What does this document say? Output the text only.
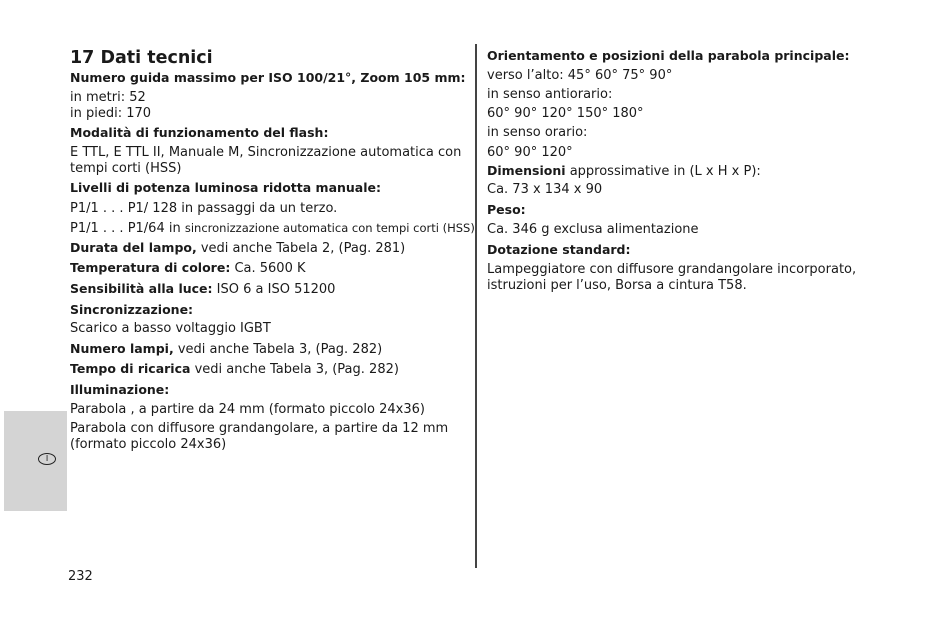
17 Dati tecnici
Numero guida massimo per ISO 100/21°, Zoom 105 mm:
in metri: 52
in piedi: 170
Modalità di funzionamento del flash:
E TTL, E TTL II, Manuale M, Sincronizzazione automatica con tempi corti (HSS)
Livelli di potenza luminosa ridotta manuale:
P1/1 . . . P1/ 128 in passaggi da un terzo.
P1/1 . . . P1/64 in sincronizzazione automatica con tempi corti (HSS)
Durata del lampo, vedi anche Tabela 2, (Pag. 281)
Temperatura di colore: Ca. 5600 K
Sensibilità alla luce: ISO 6 a ISO 51200
Sincronizzazione:
Scarico a basso voltaggio IGBT
Numero lampi, vedi anche Tabela 3, (Pag. 282)
Tempo di ricarica vedi anche Tabela 3, (Pag. 282)
Illuminazione:
Parabola , a partire da 24 mm (formato piccolo 24x36)
Parabola con diffusore grandangolare, a partire da 12 mm (formato piccolo 24x36)
Orientamento e posizioni della parabola principale:
verso l’alto: 45° 60° 75° 90°
in senso antiorario:
60° 90° 120° 150° 180°
in senso orario:
60° 90° 120°
Dimensioni approssimative in (L x H x P):
Ca. 73 x 134 x 90
Peso:
Ca. 346 g exclusa alimentazione
Dotazione standard:
Lampeggiatore con diffusore grandangolare incorporato, istruzioni per l’uso, Borsa a cintura T58.
I
232
